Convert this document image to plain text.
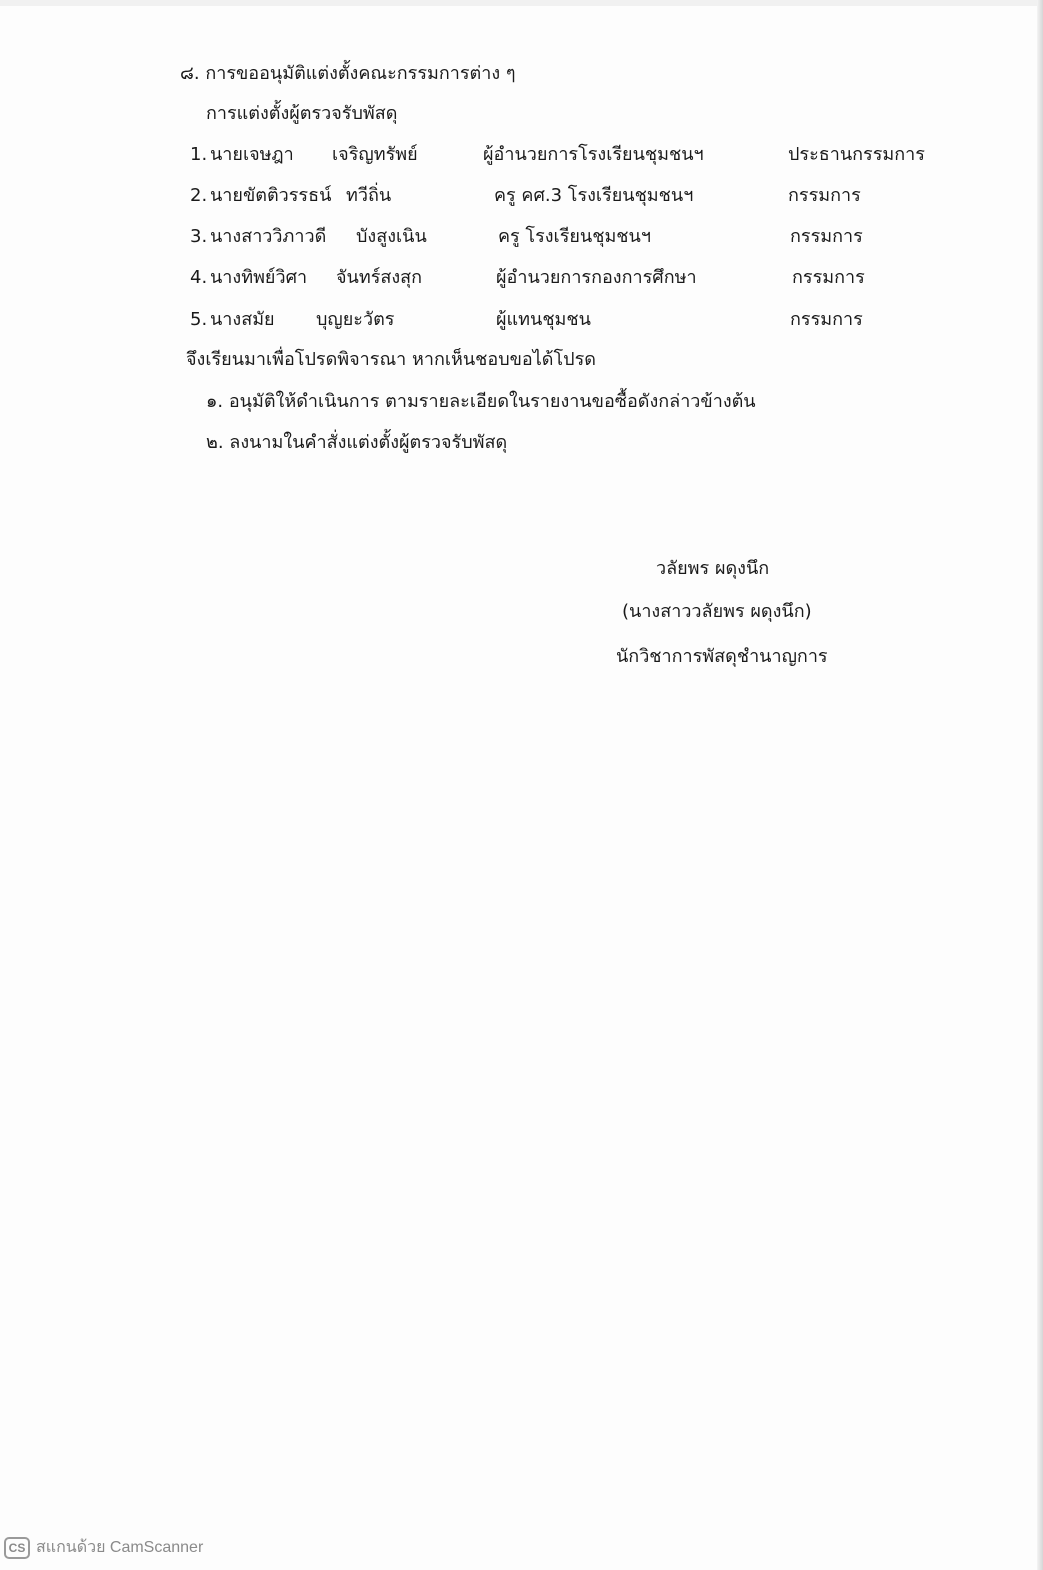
๘. การขออนุมัติแต่งตั้งคณะกรรมการต่าง ๆ
การแต่งตั้งผู้ตรวจรับพัสดุ
1. นายเจษฎา เจริญทรัพย์	ผู้อำนวยการโรงเรียนชุมชนฯ	ประธานกรรมการ
2. นายขัตติวรรธน์ ทวีถิ่น	ครู คศ.3 โรงเรียนชุมชนฯ	กรรมการ
3. นางสาววิภาวดี บังสูงเนิน	ครู โรงเรียนชุมชนฯ	กรรมการ
4. นางทิพย์วิศา จันทร์สงสุก	ผู้อำนวยการกองการศึกษา	กรรมการ
5. นางสมัย บุญยะวัตร	ผู้แทนชุมชน	กรรมการ
จึงเรียนมาเพื่อโปรดพิจารณา หากเห็นชอบขอได้โปรด
๑. อนุมัติให้ดำเนินการ ตามรายละเอียดในรายงานขอซื้อดังกล่าวข้างต้น
๒. ลงนามในคำสั่งแต่งตั้งผู้ตรวจรับพัสดุ
วลัยพร ผดุงนึก
(นางสาววลัยพร ผดุงนึก)
นักวิชาการพัสดุชำนาญการ
CS สแกนด้วย CamScanner
